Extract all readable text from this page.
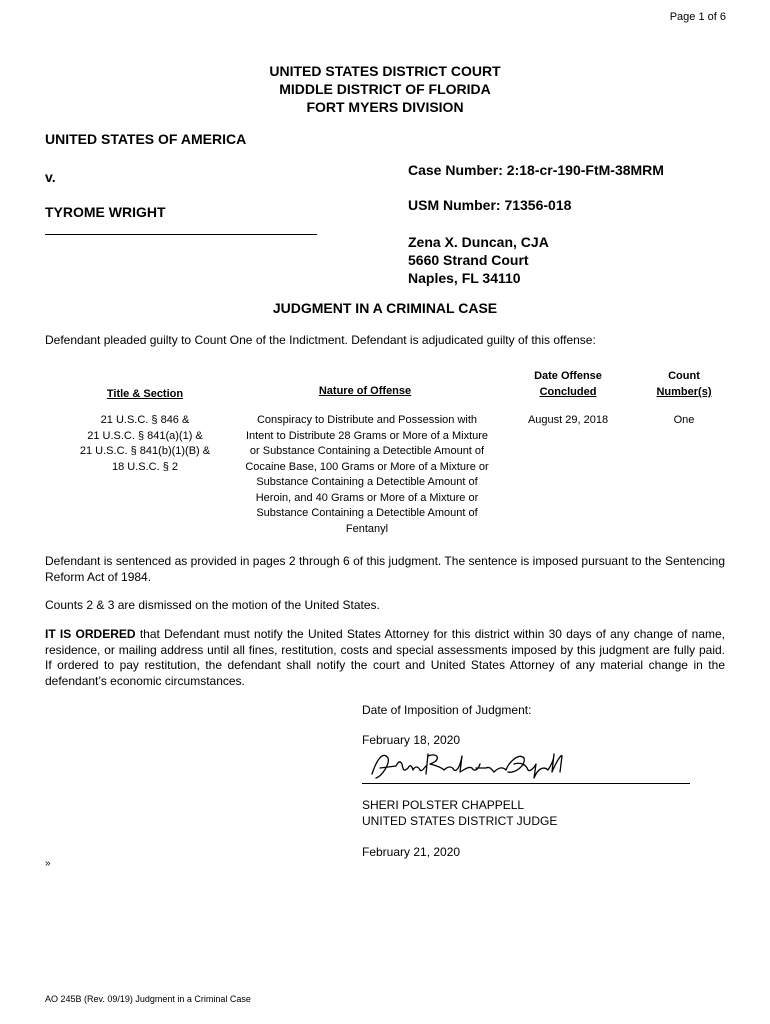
Page 1 of 6
UNITED STATES DISTRICT COURT
MIDDLE DISTRICT OF FLORIDA
FORT MYERS DIVISION
UNITED STATES OF AMERICA
v.
TYROME WRIGHT
Case Number: 2:18-cr-190-FtM-38MRM
USM Number: 71356-018
Zena X. Duncan, CJA
5660 Strand Court
Naples, FL 34110
JUDGMENT IN A CRIMINAL CASE
Defendant pleaded guilty to Count One of the Indictment. Defendant is adjudicated guilty of this offense:
Title & Section	Nature of Offense
Date Offense
Concluded
Count
Number(s)
21 U.S.C. § 846 &
21 U.S.C. § 841(a)(1) &
21 U.S.C. § 841(b)(1)(B) &
18 U.S.C. § 2
Conspiracy to Distribute and Possession with
Intent to Distribute 28 Grams or More of a Mixture
or Substance Containing a Detectible Amount of
Cocaine Base, 100 Grams or More of a Mixture or
Substance Containing a Detectible Amount of
Heroin, and 40 Grams or More of a Mixture or
Substance Containing a Detectible Amount of
Fentanyl
August 29, 2018	One
Defendant is sentenced as provided in pages 2 through 6 of this judgment. The sentence is imposed pursuant to the Sentencing Reform Act of 1984.
Counts 2 & 3 are dismissed on the motion of the United States.
IT IS ORDERED that Defendant must notify the United States Attorney for this district within 30 days of any change of name, residence, or mailing address until all fines, restitution, costs and special assessments imposed by this judgment are fully paid. If ordered to pay restitution, the defendant shall notify the court and United States Attorney of any material change in the defendant’s economic circumstances.
Date of Imposition of Judgment:
February 18, 2020
SHERI POLSTER CHAPPELL
UNITED STATES DISTRICT JUDGE
February 21, 2020
»
AO 245B (Rev. 09/19) Judgment in a Criminal Case
